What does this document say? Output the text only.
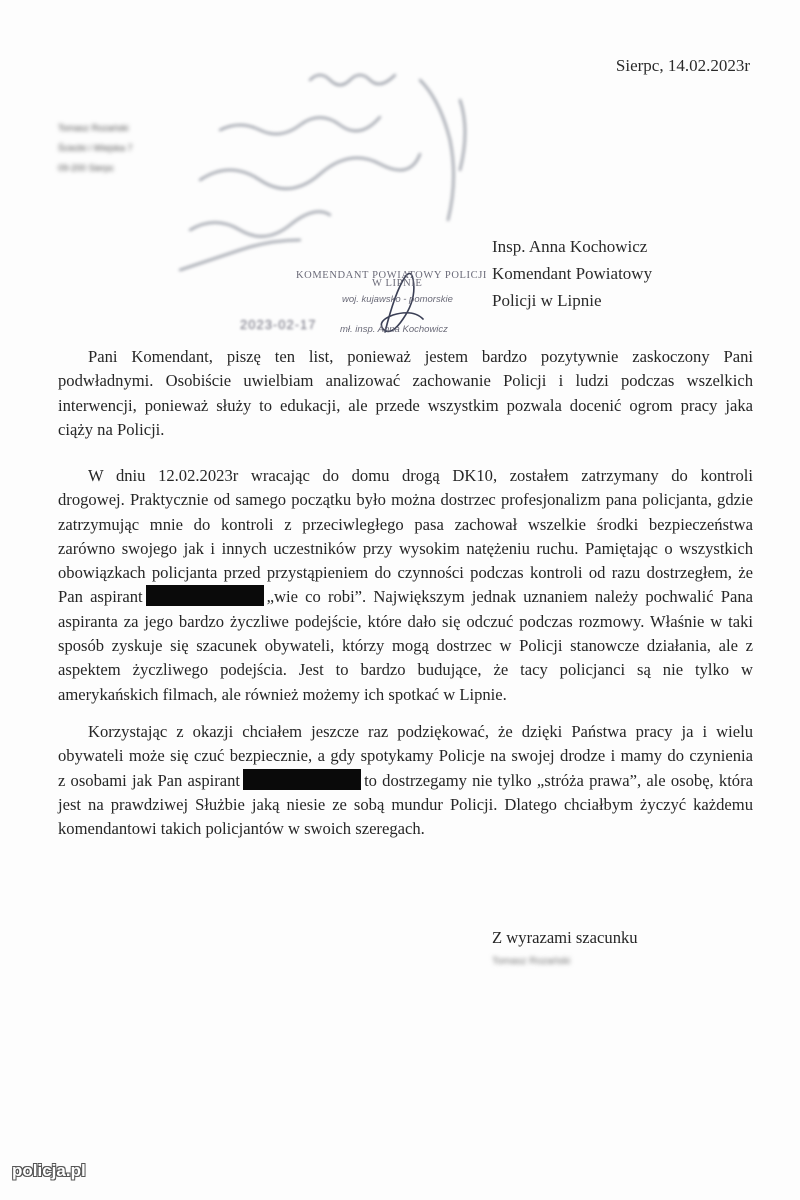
Sierpc, 14.02.2023r
Tomasz Rozański
Ścieżki i Wiejska 7
09-200 Sierpc
Insp. Anna Kochowicz
Komendant Powiatowy
Policji w Lipnie
KOMENDANT POWIATOWY POLICJI
W LIPNIE
woj. kujawsko - pomorskie
2023-02-17 mł. insp. Anna Kochowicz
Pani Komendant, piszę ten list, ponieważ jestem bardzo pozytywnie zaskoczony Pani
podwładnymi. Osobiście uwielbiam analizować zachowanie Policji i ludzi podczas wszelkich
interwencji, ponieważ służy to edukacji, ale przede wszystkim pozwala docenić ogrom pracy jaka
ciąży na Policji.
W dniu 12.02.2023r wracając do domu drogą DK10, zostałem zatrzymany do kontroli
drogowej. Praktycznie od samego początku było można dostrzec profesjonalizm pana policjanta, gdzie
zatrzymując mnie do kontroli z przeciwległego pasa zachował wszelkie środki bezpieczeństwa
zarówno swojego jak i innych uczestników przy wysokim natężeniu ruchu. Pamiętając o wszystkich
obowiązkach policjanta przed przystąpieniem do czynności podczas kontroli od razu dostrzegłem, że
Pan aspirant	„wie co robi”. Największym jednak uznaniem należy pochwalić Pana
aspiranta za jego bardzo życzliwe podejście, które dało się odczuć podczas rozmowy. Właśnie w taki
sposób zyskuje się szacunek obywateli, którzy mogą dostrzec w Policji stanowcze działania, ale z
aspektem życzliwego podejścia. Jest to bardzo budujące, że tacy policjanci są nie tylko w
amerykańskich filmach, ale również możemy ich spotkać w Lipnie.
Korzystając z okazji chciałem jeszcze raz podziękować, że dzięki Państwa pracy ja i wielu
obywateli może się czuć bezpiecznie, a gdy spotykamy Policje na swojej drodze i mamy do czynienia
z osobami jak Pan aspirant	to dostrzegamy nie tylko „stróża prawa”, ale osobę, która
jest na prawdziwej Służbie jaką niesie ze sobą mundur Policji. Dlatego chciałbym życzyć każdemu
komendantowi takich policjantów w swoich szeregach.
Z wyrazami szacunku
Tomasz Rozański
policja.pl
